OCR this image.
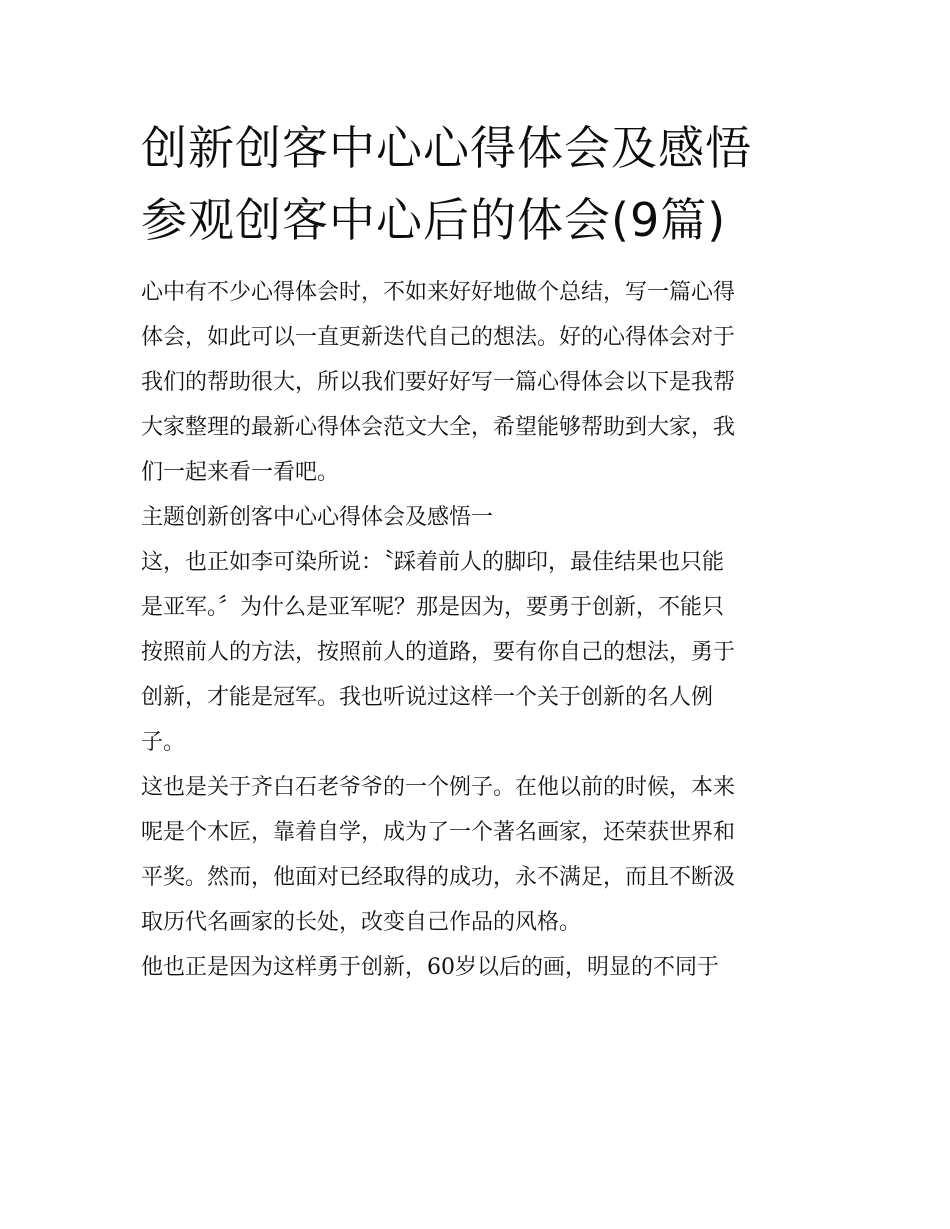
创新创客中心心得体会及感悟
参观创客中心后的体会(9篇)

心中有不少心得体会时，不如来好好地做个总结，写一篇心得
体会，如此可以一直更新迭代自己的想法。好的心得体会对于
我们的帮助很大，所以我们要好好写一篇心得体会以下是我帮
大家整理的最新心得体会范文大全，希望能够帮助到大家，我
们一起来看一看吧。

主题创新创客中心心得体会及感悟一

这，也正如李可染所说：〝踩着前人的脚印，最佳结果也只能
是亚军。〞为什么是亚军呢？那是因为，要勇于创新，不能只
按照前人的方法，按照前人的道路，要有你自己的想法，勇于
创新，才能是冠军。我也听说过这样一个关于创新的名人例
子。

这也是关于齐白石老爷爷的一个例子。在他以前的时候，本来
呢是个木匠，靠着自学，成为了一个著名画家，还荣获世界和
平奖。然而，他面对已经取得的成功，永不满足，而且不断汲
取历代名画家的长处，改变自己作品的风格。

他也正是因为这样勇于创新，60岁以后的画，明显的不同于
